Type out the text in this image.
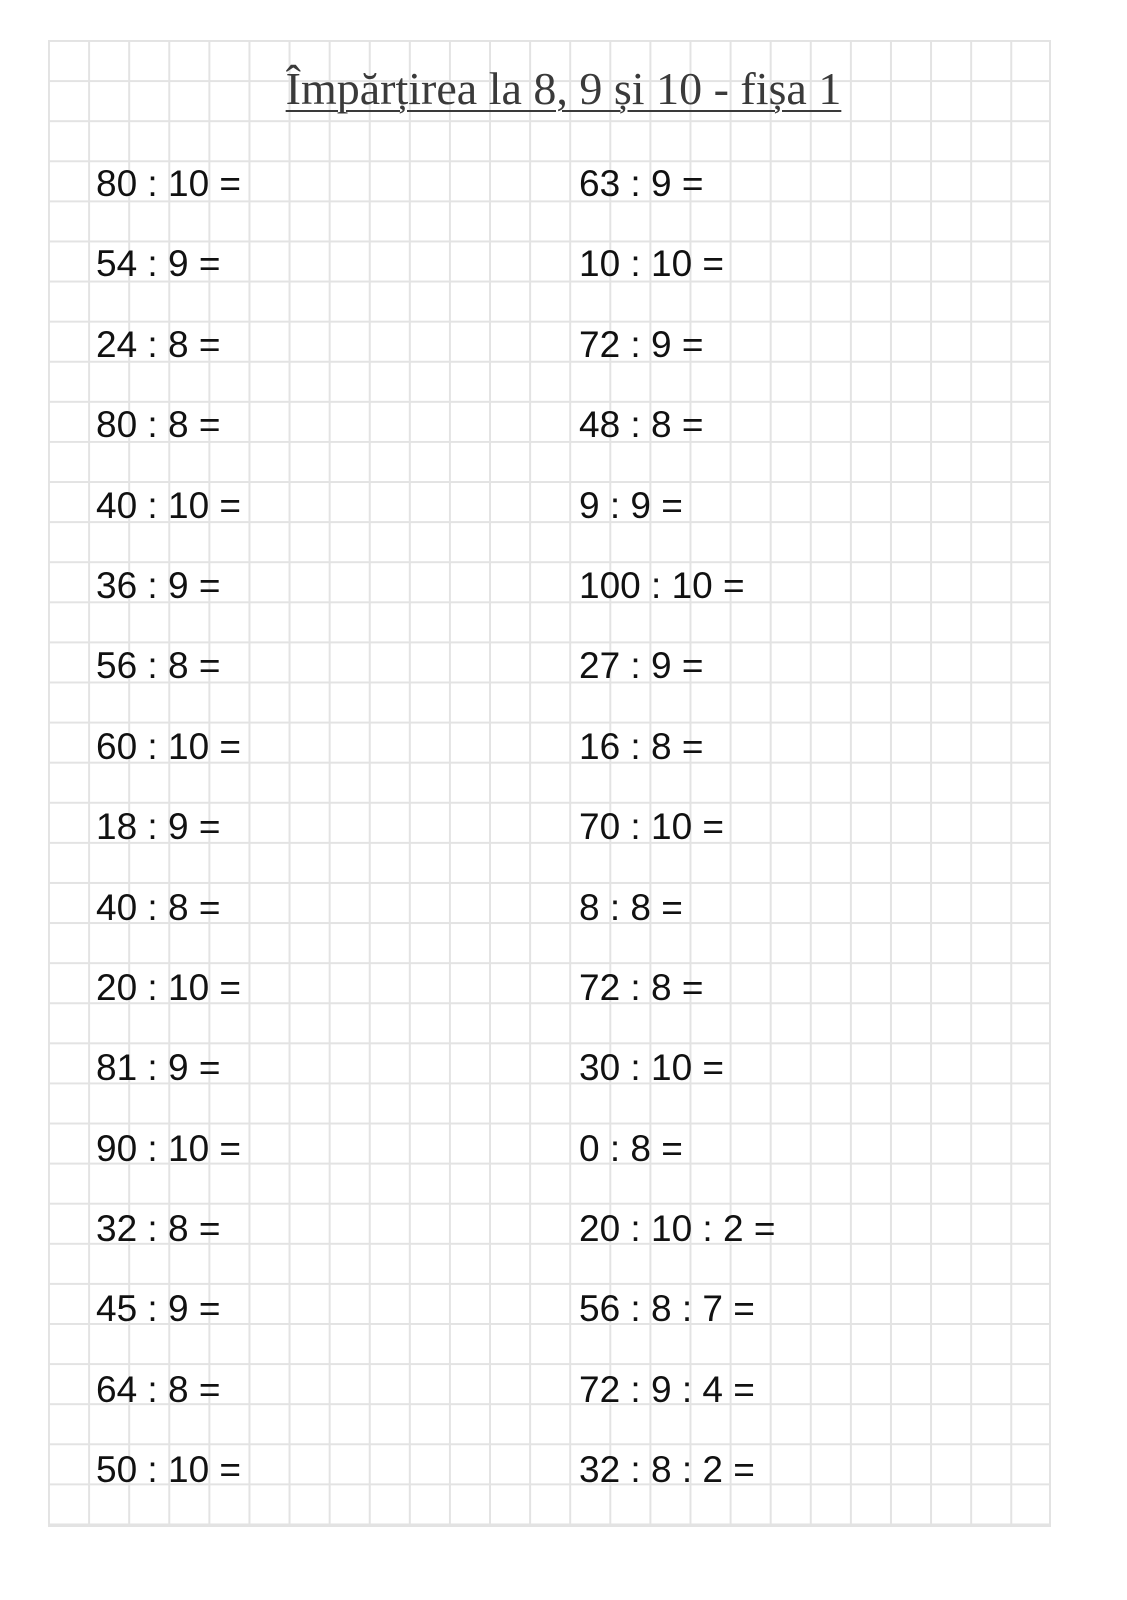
Împărțirea la 8, 9 și 10 - fișa 1
80 : 10 =
54 : 9 =
24 : 8 =
80 : 8 =
40 : 10 =
36 : 9 =
56 : 8 =
60 : 10 =
18 : 9 =
40 : 8 =
20 : 10 =
81 : 9 =
90 : 10 =
32 : 8 =
45 : 9 =
64 : 8 =
50 : 10 =
63 : 9 =
10 : 10 =
72 : 9 =
48 : 8 =
9 : 9 =
100 : 10 =
27 : 9 =
16 : 8 =
70 : 10 =
8 : 8 =
72 : 8 =
30 : 10 =
0 : 8 =
20 : 10 : 2 =
56 : 8 : 7 =
72 : 9 : 4 =
32 : 8 : 2 =
